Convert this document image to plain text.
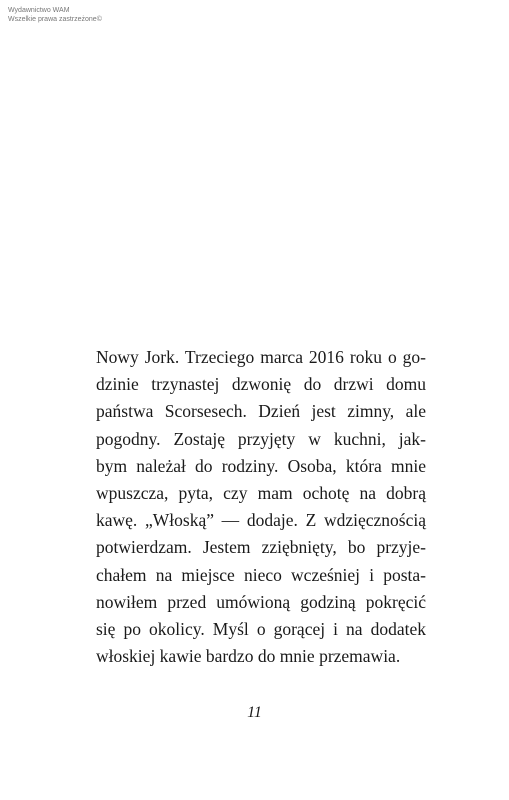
Wydawnictwo WAM
Wszelkie prawa zastrzeżone©
Nowy Jork. Trzeciego marca 2016 roku o go-
dzinie trzynastej dzwonię do drzwi domu
państwa Scorsesech. Dzień jest zimny, ale
pogodny. Zostaję przyjęty w kuchni, jak-
bym należał do rodziny. Osoba, która mnie
wpuszcza, pyta, czy mam ochotę na dobrą
kawę. „Włoską” — dodaje. Z wdzięcznością
potwierdzam. Jestem zziębnięty, bo przyje-
chałem na miejsce nieco wcześniej i posta-
nowiłem przed umówioną godziną pokręcić
się po okolicy. Myśl o gorącej i na dodatek
włoskiej kawie bardzo do mnie przemawia.
11
